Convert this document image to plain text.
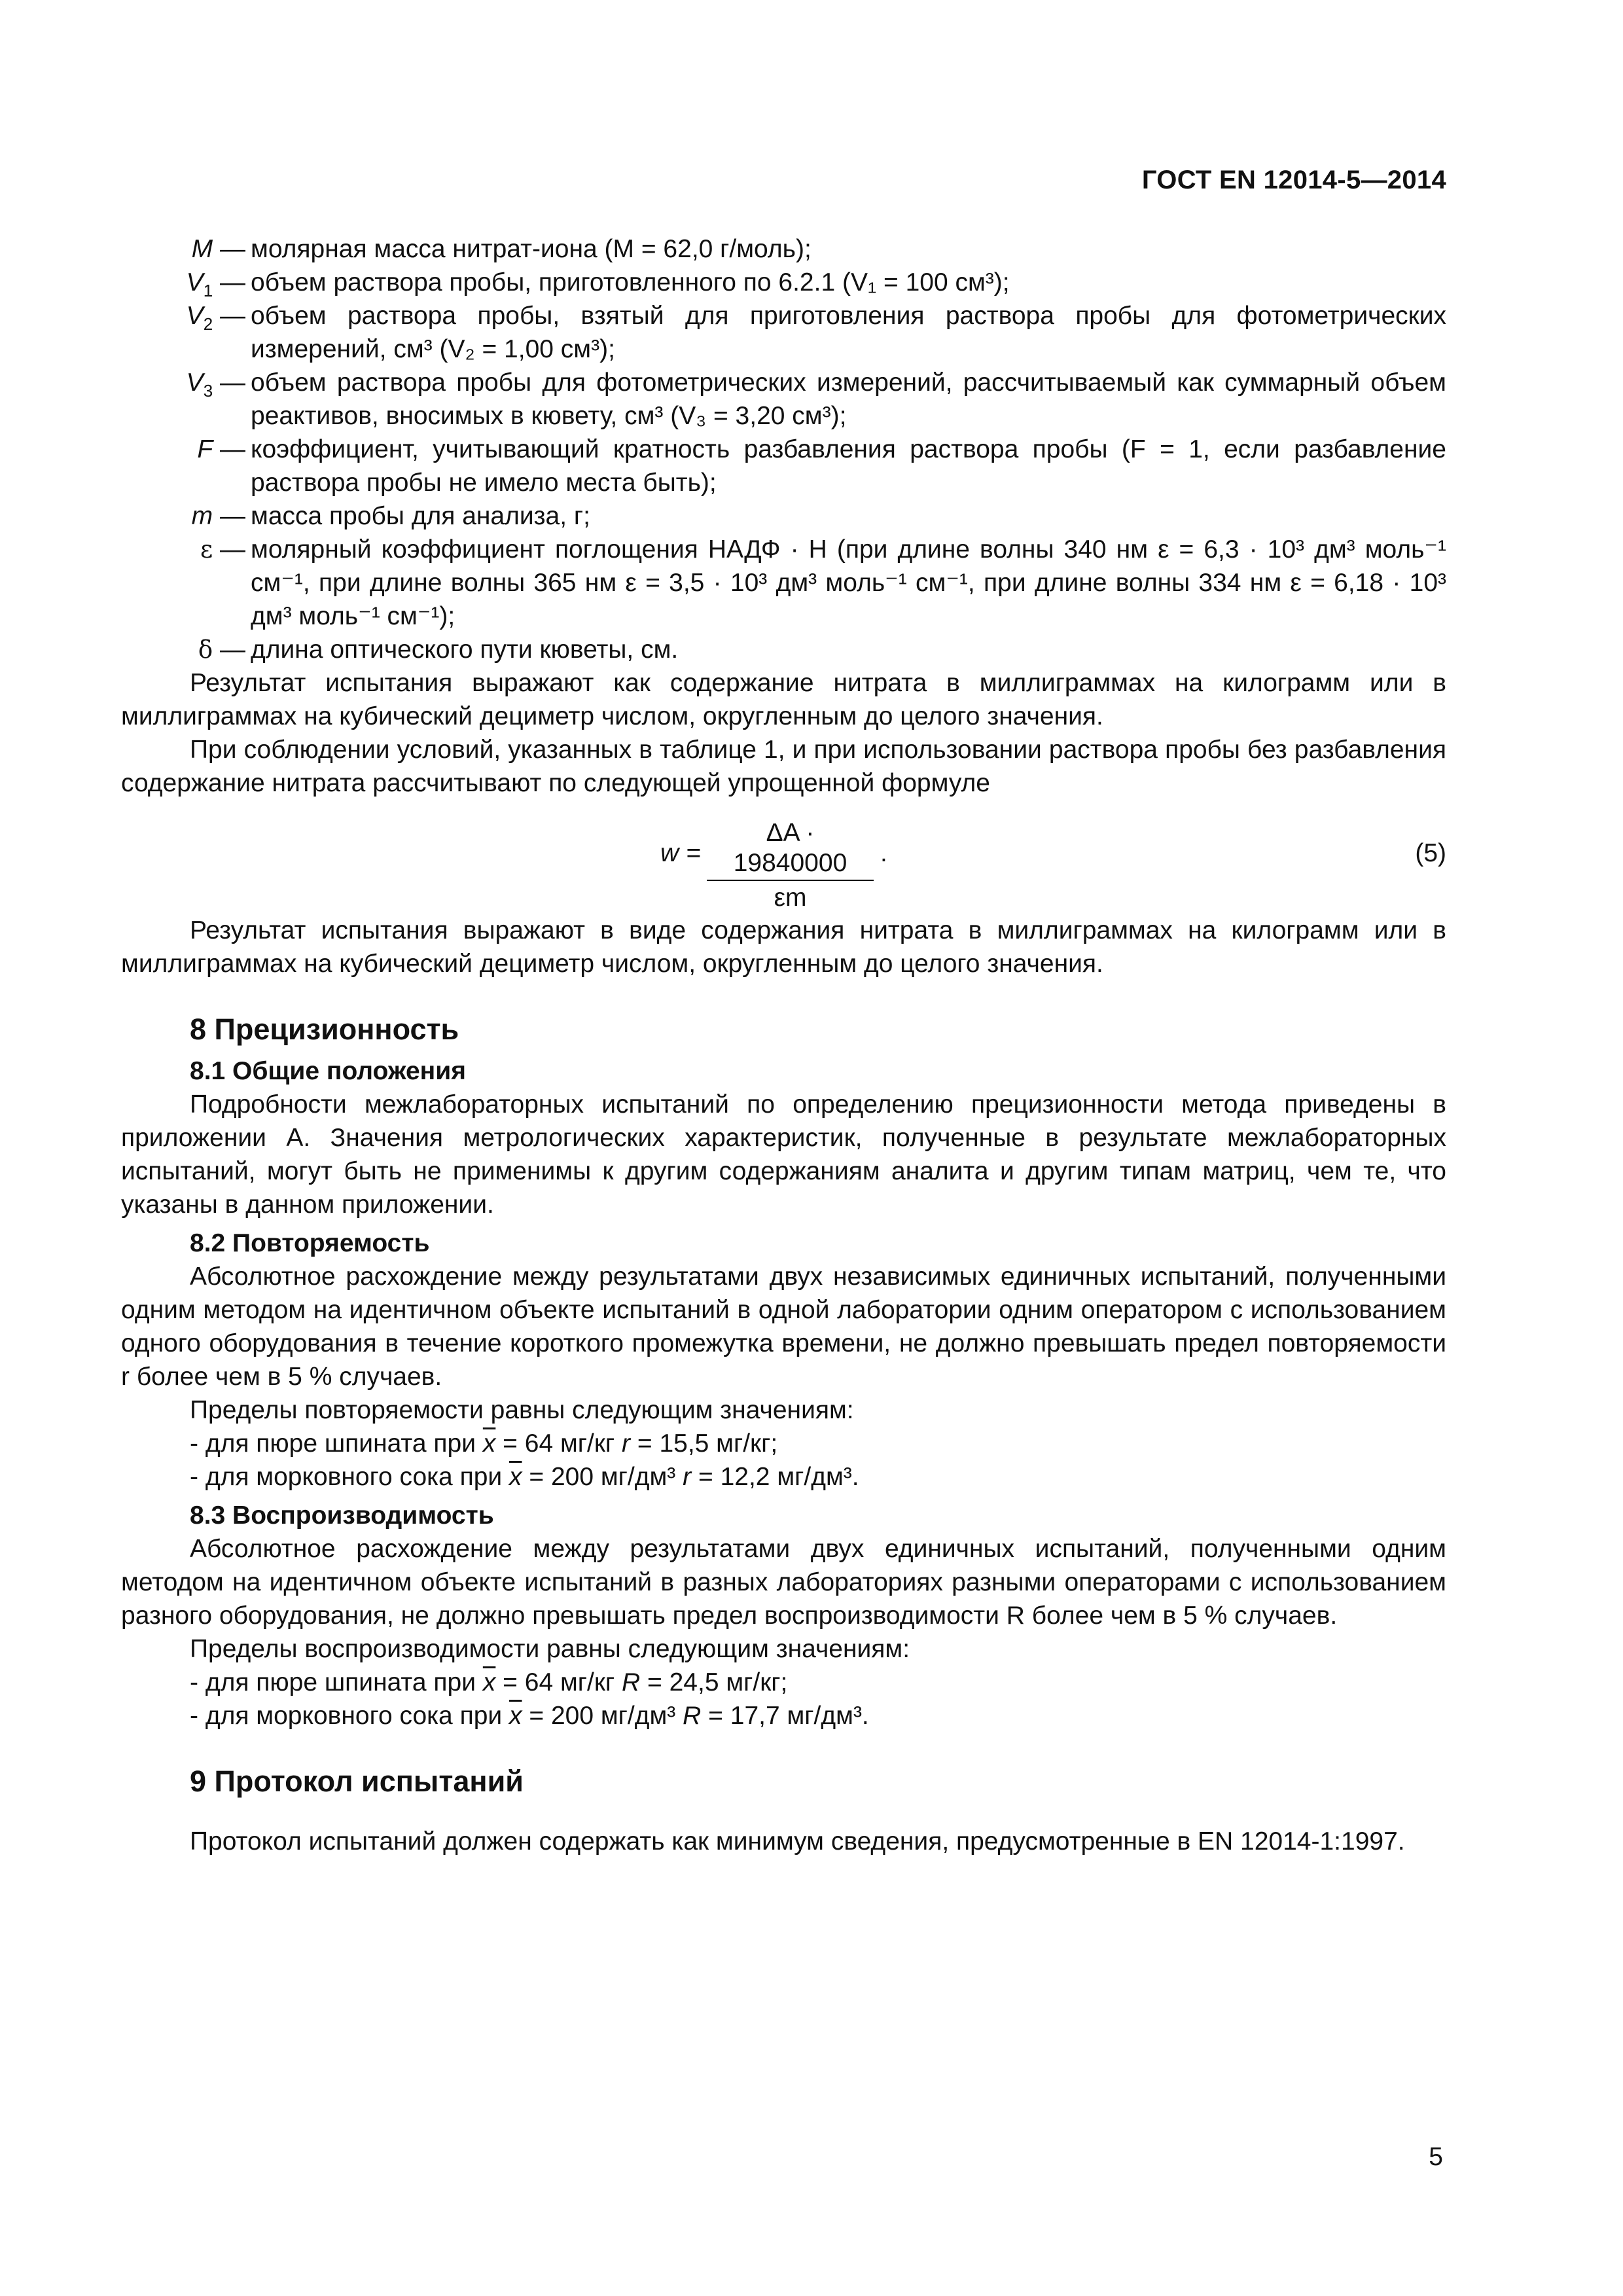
ГОСТ EN 12014-5—2014
M — молярная масса нитрат-иона (M = 62,0 г/моль);
$V_1$ — объем раствора пробы, приготовленного по 6.2.1 (V₁ = 100 см³);
$V_2$ — объем раствора пробы, взятый для приготовления раствора пробы для фотометрических измерений, см³ (V₂ = 1,00 см³);
$V_3$ — объем раствора пробы для фотометрических измерений, рассчитываемый как суммарный объем реактивов, вносимых в кювету, см³ (V₃ = 3,20 см³);
F — коэффициент, учитывающий кратность разбавления раствора пробы (F = 1, если разбавление раствора пробы не имело места быть);
m — масса пробы для анализа, г;
ε — молярный коэффициент поглощения НАДФ · Н (при длине волны 340 нм ε = 6,3 · 10³ дм³ моль⁻¹ см⁻¹, при длине волны 365 нм ε = 3,5 · 10³ дм³ моль⁻¹ см⁻¹, при длине волны 334 нм ε = 6,18 · 10³ дм³ моль⁻¹ см⁻¹);
δ — длина оптического пути кюветы, см.

Результат испытания выражают как содержание нитрата в миллиграммах на килограмм или в миллиграммах на кубический дециметр числом, округленным до целого значения.

При соблюдении условий, указанных в таблице 1, и при использовании раствора пробы без разбавления содержание нитрата рассчитывают по следующей упрощенной формуле

$w = \frac{\Delta A \cdot 19840000}{\varepsilon m}$ .	(5)

Результат испытания выражают в виде содержания нитрата в миллиграммах на килограмм или в миллиграммах на кубический дециметр числом, округленным до целого значения.

8 Прецизионность
8.1 Общие положения

Подробности межлабораторных испытаний по определению прецизионности метода приведены в приложении А. Значения метрологических характеристик, полученные в результате межлабораторных испытаний, могут быть не применимы к другим содержаниям аналита и другим типам матриц, чем те, что указаны в данном приложении.

8.2 Повторяемость

Абсолютное расхождение между результатами двух независимых единичных испытаний, полученными одним методом на идентичном объекте испытаний в одной лаборатории одним оператором с использованием одного оборудования в течение короткого промежутка времени, не должно превышать предел повторяемости r более чем в 5 % случаев.

Пределы повторяемости равны следующим значениям:
- для пюре шпината при $\overline{x} = 64$ мг/кг r = 15,5 мг/кг;
- для морковного сока при $\overline{x} = 200$ мг/дм³ r = 12,2 мг/дм³.
8.3 Воспроизводимость

Абсолютное расхождение между результатами двух единичных испытаний, полученными одним методом на идентичном объекте испытаний в разных лабораториях разными операторами с использованием разного оборудования, не должно превышать предел воспроизводимости R более чем в 5 % случаев.

Пределы воспроизводимости равны следующим значениям:
- для пюре шпината при $\overline{x} = 64$ мг/кг R = 24,5 мг/кг;
- для морковного сока при $\overline{x} = 200$ мг/дм³ R = 17,7 мг/дм³.
9 Протокол испытаний

Протокол испытаний должен содержать как минимум сведения, предусмотренные в EN 12014-1:1997.

5
